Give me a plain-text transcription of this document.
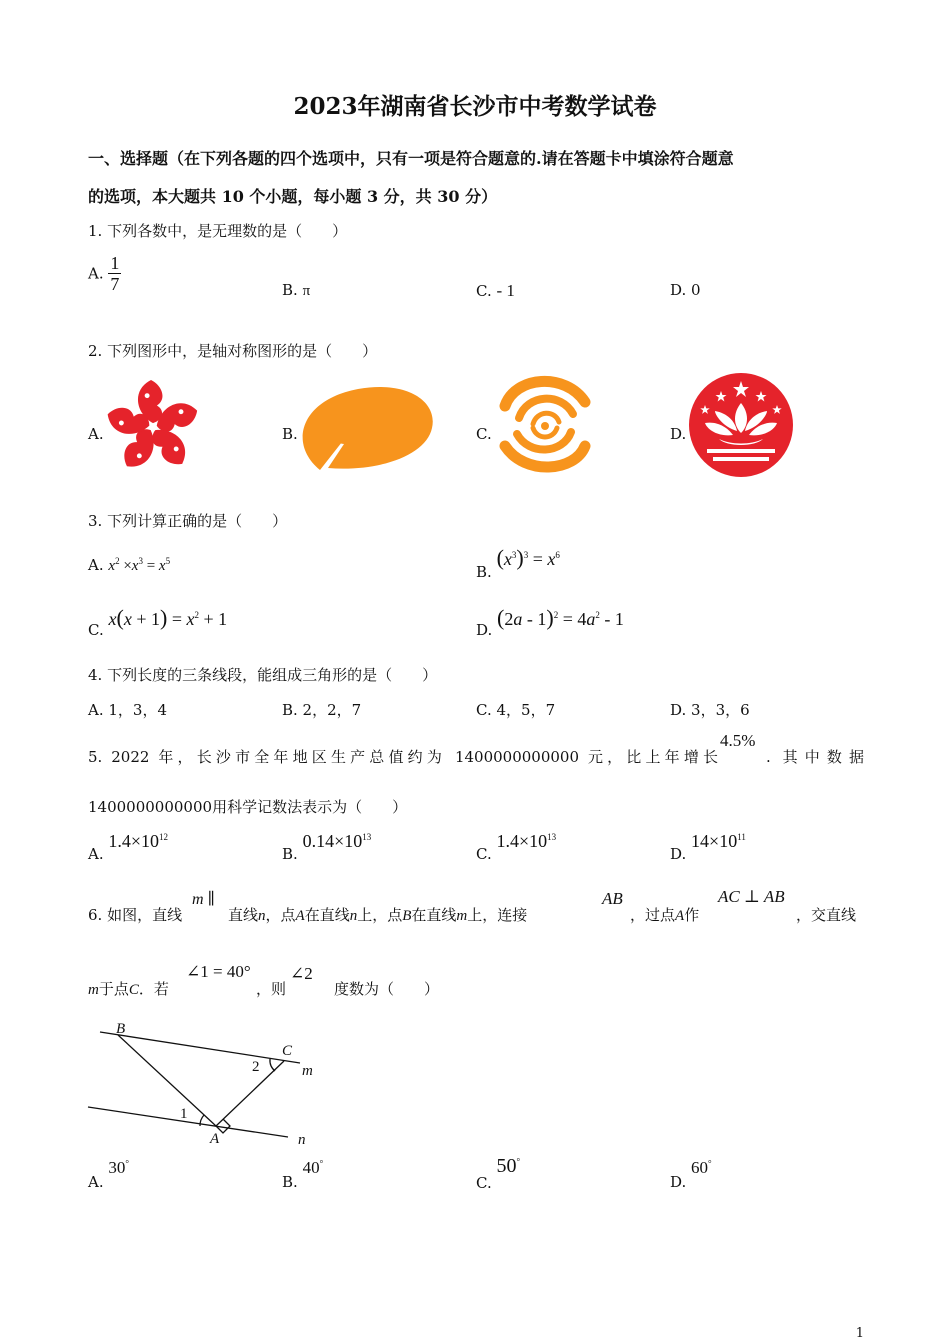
2023年湖南省长沙市中考数学试卷
一、选择题（在下列各题的四个选项中，只有一项是符合题意的.请在答题卡中填涂符合题意
的选项，本大题共 10 个小题，每小题 3 分，共 30 分）
1. 下列各数中，是无理数的是（　　）
A. $\frac{1}{7}$	B. π	C. - 1	D. 0
2. 下列图形中，是轴对称图形的是（　　）
A.	B.	C.	D.
3. 下列计算正确的是（　　）
A. $x^2 \times x^3 = x^5$
B. $(x^3)^3 = x^6$
C. $x(x + 1) = x^2 + 1$
D. $(2a - 1)^2 = 4a^2 - 1$
4. 下列长度的三条线段，能组成三角形的是（　　）
A. 1，3，4	B. 2，2，7	C. 4，5，7	D. 3，3，6
5. 2022 年，长沙市全年地区生产总值约为 1400000000000 元，比上年增长
4.5%
. 其中数据
1400000000000用科学记数法表示为（　　）
A. $1.4\times 10^{12}$
B. $0.14\times 10^{13}$
C. $1.4\times 10^{13}$
D. $14\times 10^{11}$
6. 如图，直线
m ∥
直线n，点A在直线n上，点B在直线m上，连接
AB
，过点A作
AC ⊥ AB
，交直线
m于点C．若
∠1 = 40°
，则
∠2
度数为（　　）
B
C
m
A	n
1
2
A. 30°
B. 40°
C. 50°
D. 60°
1
